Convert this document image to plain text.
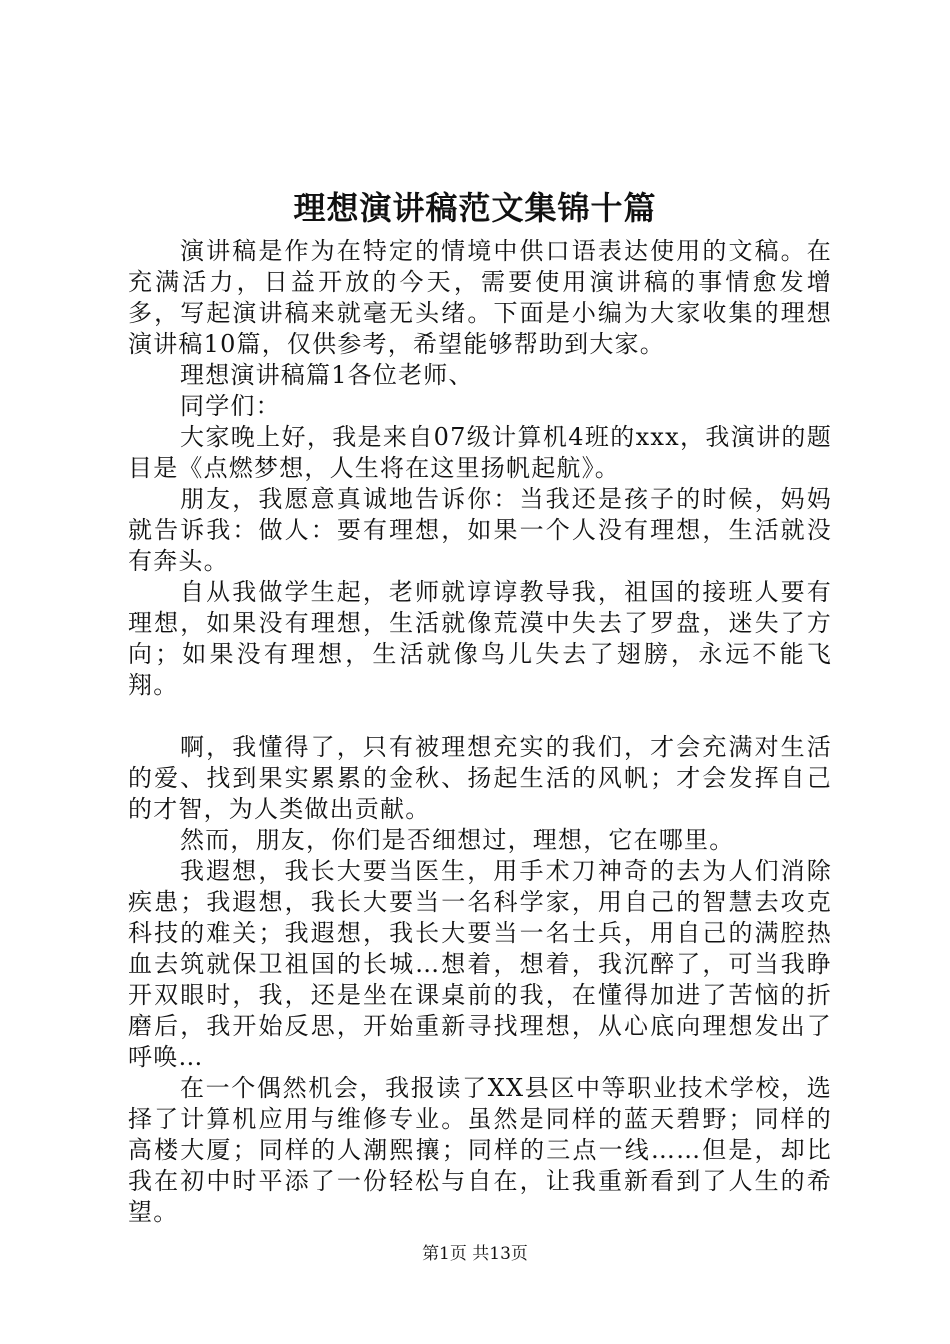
理想演讲稿范文集锦十篇

演讲稿是作为在特定的情境中供口语表达使用的文稿。在充满活力，日益开放的今天，需要使用演讲稿的事情愈发增多，写起演讲稿来就毫无头绪。下面是小编为大家收集的理想演讲稿10篇，仅供参考，希望能够帮助到大家。

理想演讲稿篇1各位老师、

同学们：

大家晚上好，我是来自07级计算机4班的xxx，我演讲的题目是《点燃梦想，人生将在这里扬帆起航》。

朋友，我愿意真诚地告诉你：当我还是孩子的时候，妈妈就告诉我：做人：要有理想，如果一个人没有理想，生活就没有奔头。

自从我做学生起，老师就谆谆教导我，祖国的接班人要有理想，如果没有理想，生活就像荒漠中失去了罗盘，迷失了方向；如果没有理想，生活就像鸟儿失去了翅膀，永远不能飞翔。

啊，我懂得了，只有被理想充实的我们，才会充满对生活的爱、找到果实累累的金秋、扬起生活的风帆；才会发挥自己的才智，为人类做出贡献。

然而，朋友，你们是否细想过，理想，它在哪里。

我遐想，我长大要当医生，用手术刀神奇的去为人们消除疾患；我遐想，我长大要当一名科学家，用自己的智慧去攻克科技的难关；我遐想，我长大要当一名士兵，用自己的满腔热血去筑就保卫祖国的长城…想着，想着，我沉醉了，可当我睁开双眼时，我，还是坐在课桌前的我，在懂得加进了苦恼的折磨后，我开始反思，开始重新寻找理想，从心底向理想发出了呼唤…

在一个偶然机会，我报读了XX县区中等职业技术学校，选择了计算机应用与维修专业。虽然是同样的蓝天碧野；同样的高楼大厦；同样的人潮熙攘；同样的三点一线……但是，却比我在初中时平添了一份轻松与自在，让我重新看到了人生的希望。

第1页 共13页
